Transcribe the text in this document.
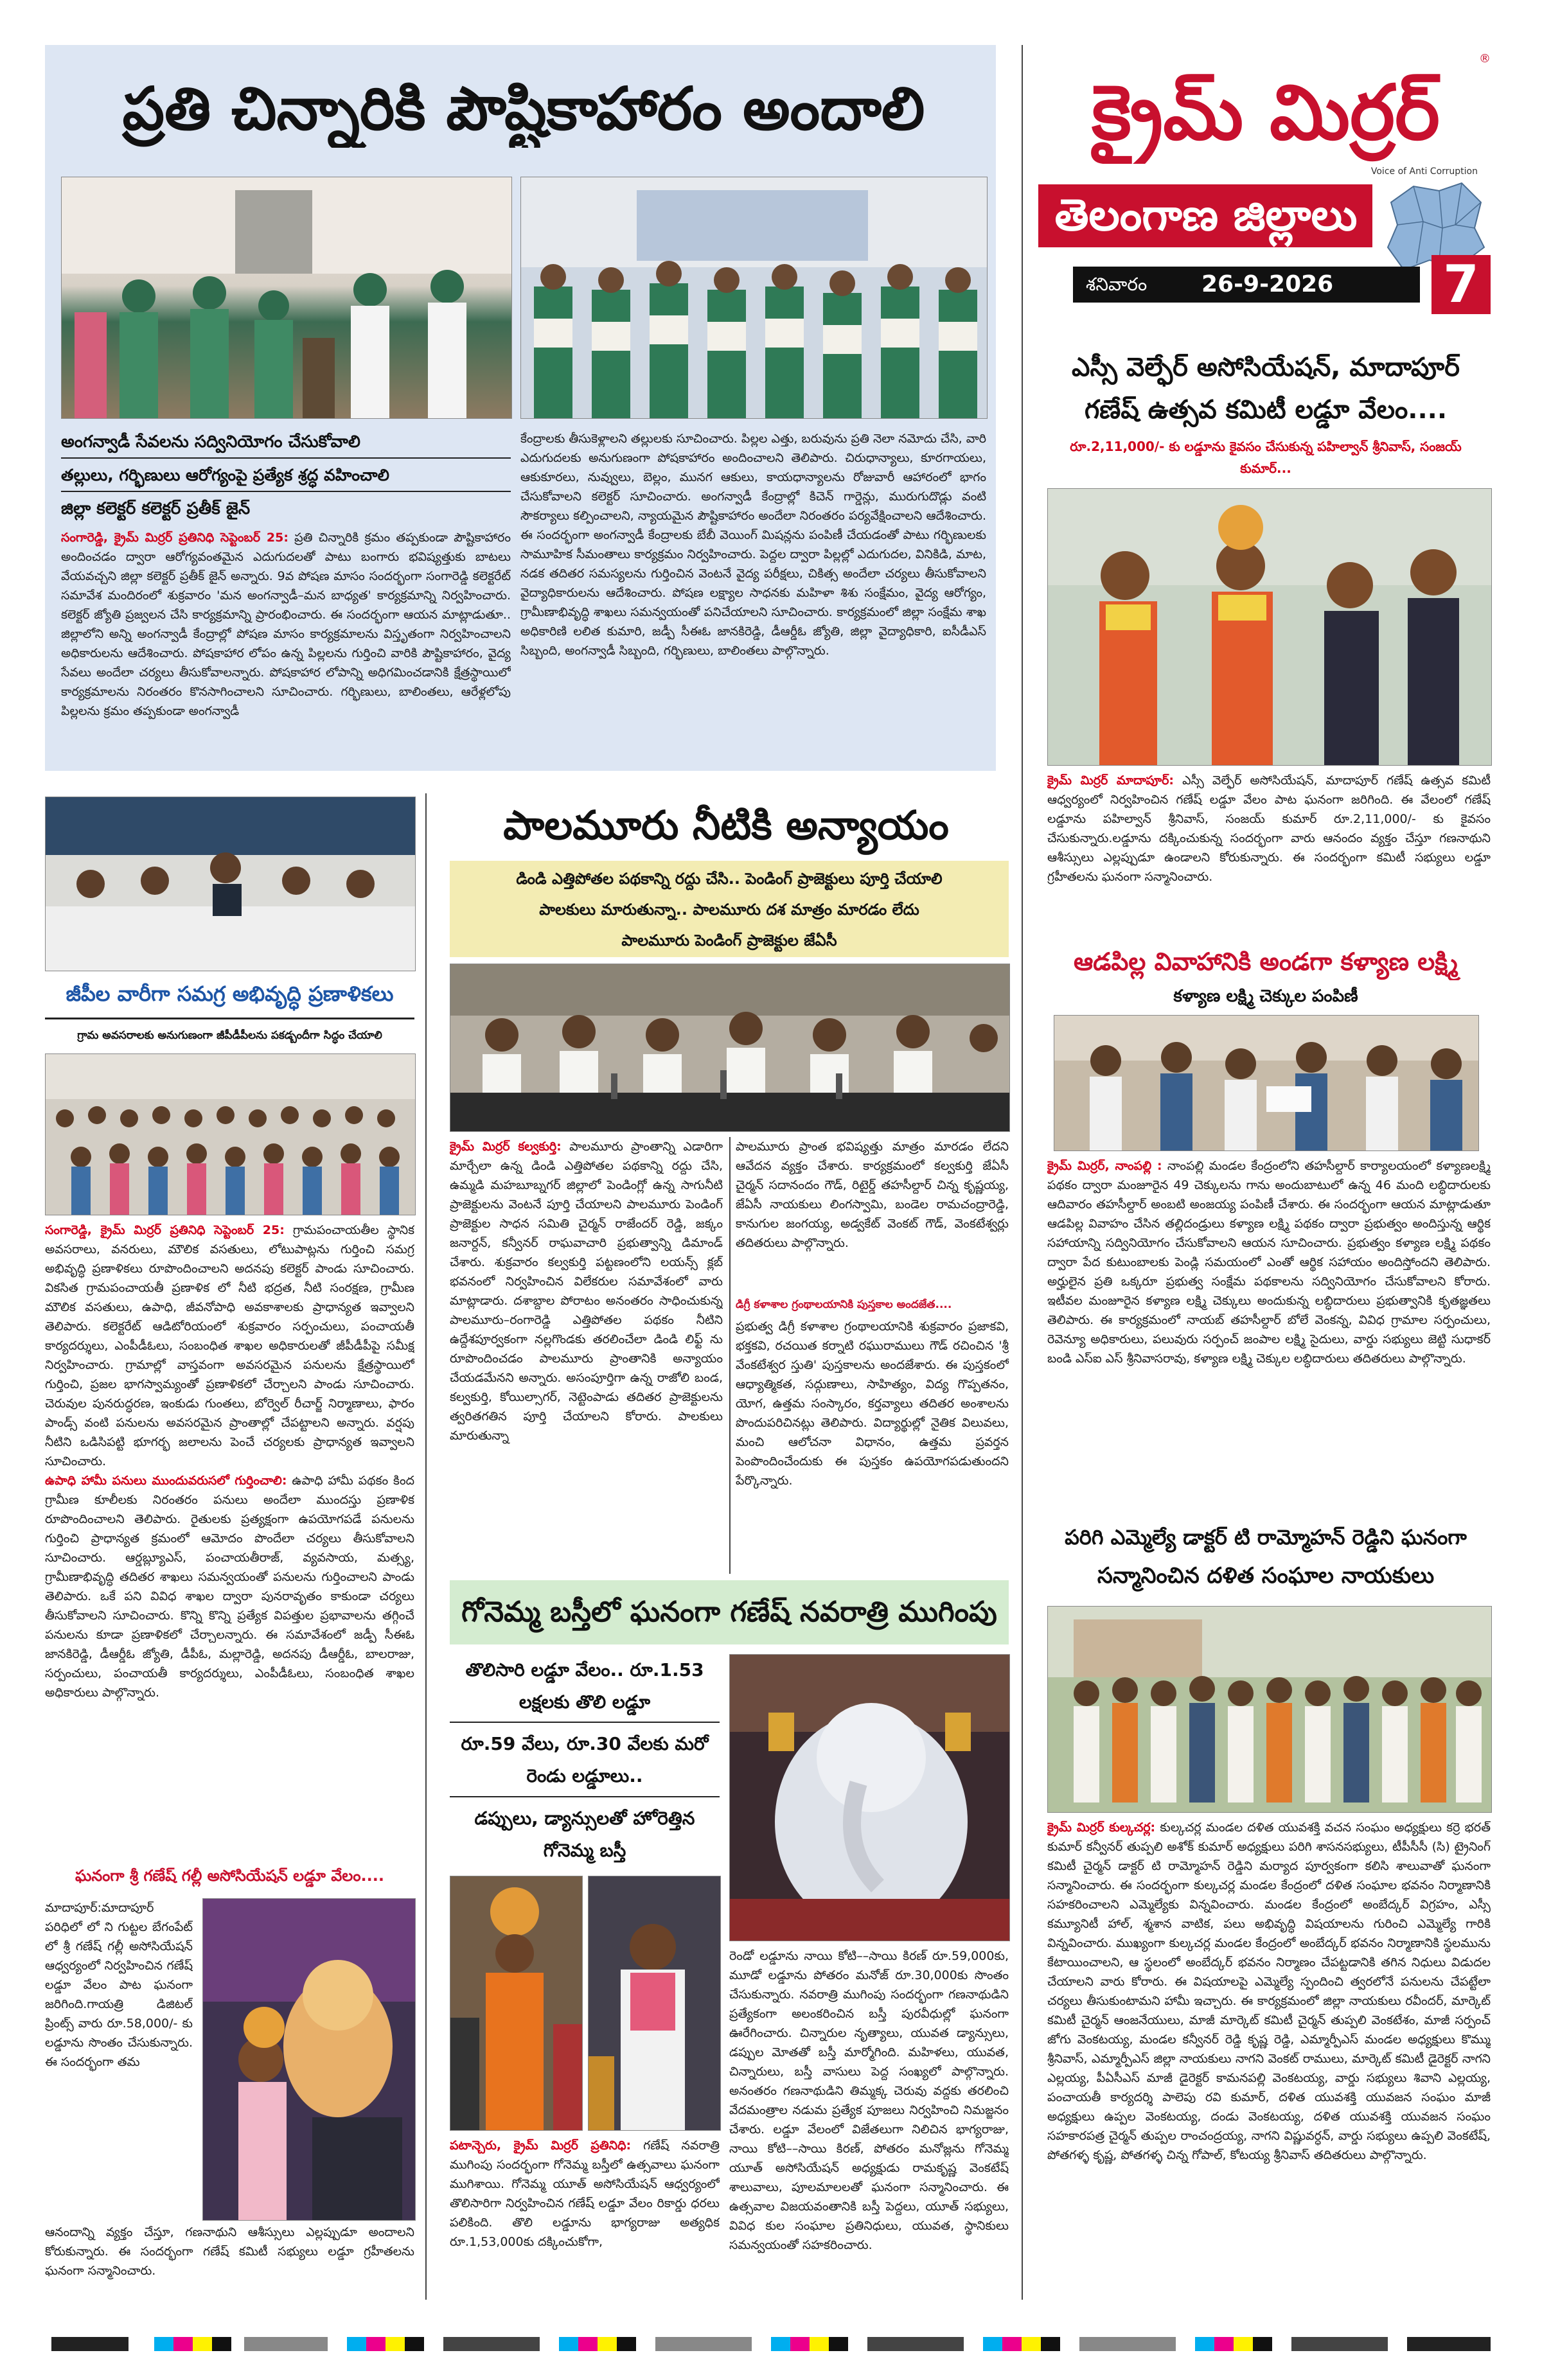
ప్రతి చిన్నారికి పౌష్టికాహారం అందాలి
అంగన్వాడీ సేవలను సద్వినియోగం చేసుకోవాలి
తల్లులు, గర్భిణులు ఆరోగ్యంపై ప్రత్యేక శ్రద్ధ వహించాలి
జిల్లా కలెక్టర్ కలెక్టర్ ప్రతీక్ జైన్
సంగారెడ్డి, క్రైమ్ మిర్రర్ ప్రతినిధి సెప్టెంబర్ 25: ప్రతి చిన్నారికి క్రమం తప్పకుండా పౌష్టికాహారం అందించడం ద్వారా ఆరోగ్యవంతమైన ఎదుగుదలతో పాటు బంగారు భవిష్యత్తుకు బాటలు వేయవచ్చని జిల్లా కలెక్టర్ ప్రతీక్ జైన్ అన్నారు. 9వ పోషణ మాసం సందర్భంగా సంగారెడ్డి కలెక్టరేట్ సమావేశ మందిరంలో శుక్రవారం 'మన అంగన్వాడీ–మన బాధ్యత' కార్యక్రమాన్ని నిర్వహించారు. కలెక్టర్ జ్యోతి ప్రజ్వలన చేసి కార్యక్రమాన్ని ప్రారంభించారు. ఈ సందర్భంగా ఆయన మాట్లాడుతూ.. జిల్లాలోని అన్ని అంగన్వాడీ కేంద్రాల్లో పోషణ మాసం కార్యక్రమాలను విస్తృతంగా నిర్వహించాలని అధికారులను ఆదేశించారు. పోషకాహార లోపం ఉన్న పిల్లలను గుర్తించి వారికి పౌష్టికాహారం, వైద్య సేవలు అందేలా చర్యలు తీసుకోవాలన్నారు. పోషకాహార లోపాన్ని అధిగమించడానికి క్షేత్రస్థాయిలో కార్యక్రమాలను నిరంతరం కొనసాగించాలని సూచించారు. గర్భిణులు, బాలింతలు, ఆరేళ్లలోపు పిల్లలను క్రమం తప్పకుండా అంగన్వాడీ
కేంద్రాలకు తీసుకెళ్లాలని తల్లులకు సూచించారు. పిల్లల ఎత్తు, బరువును ప్రతి నెలా నమోదు చేసి, వారి ఎదుగుదలకు అనుగుణంగా పోషకాహారం అందించాలని తెలిపారు. చిరుధాన్యాలు, కూరగాయలు, ఆకుకూరలు, నువ్వులు, బెల్లం, మునగ ఆకులు, కాయధాన్యాలను రోజువారీ ఆహారంలో భాగం చేసుకోవాలని కలెక్టర్ సూచించారు. అంగన్వాడీ కేంద్రాల్లో కిచెన్ గార్డెన్లు, మురుగుదొడ్లు వంటి సౌకర్యాలు కల్పించాలని, న్యాయమైన పౌష్టికాహారం అందేలా నిరంతరం పర్యవేక్షించాలని ఆదేశించారు. ఈ సందర్భంగా అంగన్వాడీ కేంద్రాలకు బేబీ వెయింగ్ మిషన్లను పంపిణీ చేయడంతో పాటు గర్భిణులకు సామూహిక సీమంతాలు కార్యక్రమం నిర్వహించారు. పెద్దల ద్వారా పిల్లల్లో ఎదుగుదల, వినికిడి, మాట, నడక తదితర సమస్యలను గుర్తించిన వెంటనే వైద్య పరీక్షలు, చికిత్స అందేలా చర్యలు తీసుకోవాలని వైద్యాధికారులను ఆదేశించారు. పోషణ లక్ష్యాల సాధనకు మహిళా శిశు సంక్షేమం, వైద్య ఆరోగ్యం, గ్రామీణాభివృద్ధి శాఖలు సమన్వయంతో పనిచేయాలని సూచించారు. కార్యక్రమంలో జిల్లా సంక్షేమ శాఖ అధికారిణి లలిత కుమారి, జడ్పీ సీఈఓ జానకిరెడ్డి, డీఆర్డీఓ జ్యోతి, జిల్లా వైద్యాధికారి, ఐసీడీఎస్ సిబ్బంది, అంగన్వాడీ సిబ్బంది, గర్భిణులు, బాలింతలు పాల్గొన్నారు.
క్రైమ్ మిర్రర్
®
Voice of Anti Corruption
తెలంగాణ జిల్లాలు
శనివారం	26-9-2026	7
ఎస్సీ వెల్ఫేర్ అసోసియేషన్, మాదాపూర్
గణేష్ ఉత్సవ కమిటీ లడ్డూ వేలం....
రూ.2,11,000/- కు లడ్డూను కైవసం చేసుకున్న పహిల్వాన్ శ్రీనివాస్, సంజయ్ కుమార్...
క్రైమ్ మిర్రర్ మాదాపూర్: ఎస్సీ వెల్ఫేర్ అసోసియేషన్, మాదాపూర్ గణేష్ ఉత్సవ కమిటీ ఆధ్వర్యంలో నిర్వహించిన గణేష్ లడ్డూ వేలం పాట ఘనంగా జరిగింది. ఈ వేలంలో గణేష్ లడ్డూను పహిల్వాన్ శ్రీనివాస్, సంజయ్ కుమార్ రూ.2,11,000/- కు కైవసం చేసుకున్నారు.లడ్డూను దక్కించుకున్న సందర్భంగా వారు ఆనందం వ్యక్తం చేస్తూ గణనాథుని ఆశీస్సులు ఎల్లప్పుడూ ఉండాలని కోరుకున్నారు. ఈ సందర్భంగా కమిటీ సభ్యులు లడ్డూ గ్రహీతలను ఘనంగా సన్మానించారు.
ఆడపిల్ల వివాహానికి అండగా కళ్యాణ లక్ష్మి
కళ్యాణ లక్ష్మి చెక్కుల పంపిణీ
క్రైమ్ మిర్రర్, నాంపల్లి : నాంపల్లి మండల కేంద్రంలోని తహసీల్దార్ కార్యాలయంలో కళ్యాణలక్ష్మి పథకం ద్వారా మంజూరైన 49 చెక్కులను గాను అందుబాటులో ఉన్న 46 మంది లబ్ధిదారులకు ఆదివారం తహసీల్దార్ అంబటి అంజయ్య పంపిణీ చేశారు. ఈ సందర్భంగా ఆయన మాట్లాడుతూ ఆడపిల్ల వివాహం చేసిన తల్లిదండ్రులు కళ్యాణ లక్ష్మి పథకం ద్వారా ప్రభుత్వం అందిస్తున్న ఆర్థిక సహాయాన్ని సద్వినియోగం చేసుకోవాలని ఆయన సూచించారు. ప్రభుత్వం కళ్యాణ లక్ష్మి పథకం ద్వారా పేద కుటుంబాలకు పెండ్లి సమయంలో ఎంతో ఆర్థిక సహాయం అందిస్తోందని తెలిపారు. అర్హులైన ప్రతి ఒక్కరూ ప్రభుత్వ సంక్షేమ పథకాలను సద్వినియోగం చేసుకోవాలని కోరారు. ఇటీవల మంజూరైన కళ్యాణ లక్ష్మి చెక్కులు అందుకున్న లబ్ధిదారులు ప్రభుత్వానికి కృతజ్ఞతలు తెలిపారు. ఈ కార్యక్రమంలో నాయబ్ తహసీల్దార్ బోలే వెంకన్న, వివిధ గ్రామాల సర్పంచులు, రెవెన్యూ అధికారులు, పలువురు సర్పంచ్ జంపాల లక్ష్మి సైదులు, వార్డు సభ్యులు జెట్టి సుధాకర్ బండి ఎస్ఐ ఎస్ శ్రీనివాసరావు, కళ్యాణ లక్ష్మి చెక్కుల లబ్ధిదారులు తదితరులు పాల్గొన్నారు.
పరిగి ఎమ్మెల్యే డాక్టర్ టి రామ్మోహన్ రెడ్డిని ఘనంగా
సన్మానించిన దళిత సంఘాల నాయకులు
క్రైమ్ మిర్రర్ కుల్కచర్ల: కుల్కచర్ల మండల దళిత యువశక్తి వచన సంఘం అధ్యక్షులు కర్రె భరత్ కుమార్ కన్వీనర్ తుప్పలి అశోక్ కుమార్ అధ్యక్షులు పరిగి శాసనసభ్యులు, టీపీసీసీ (సి) ట్రైనింగ్ కమిటీ చైర్మన్ డాక్టర్ టి రామ్మోహన్ రెడ్డిని మర్యాద పూర్వకంగా కలిసి శాలువాతో ఘనంగా సన్మానించారు. ఈ సందర్భంగా కుల్కచర్ల మండల కేంద్రంలో దళిత సంఘాల భవనం నిర్మాణానికి సహకరించాలని ఎమ్మెల్యేకు విన్నవించారు. మండల కేంద్రంలో అంబేద్కర్ విగ్రహం, ఎస్సీ కమ్యూనిటీ హాల్, శ్మశాన వాటిక, పలు అభివృద్ధి విషయాలను గురించి ఎమ్మెల్యే గారికి విన్నవించారు. ముఖ్యంగా కుల్కచర్ల మండల కేంద్రంలో అంబేద్కర్ భవనం నిర్మాణానికి స్థలమును కేటాయించాలని, ఆ స్థలంలో అంబేద్కర్ భవనం నిర్మాణం చేపట్టడానికి తగిన నిధులు విడుదల చేయాలని వారు కోరారు. ఈ విషయాలపై ఎమ్మెల్యే స్పందించి త్వరలోనే పనులను చేపట్టేలా చర్యలు తీసుకుంటామని హామీ ఇచ్చారు. ఈ కార్యక్రమంలో జిల్లా నాయకులు రవీందర్, మార్కెట్ కమిటీ చైర్మన్ ఆంజనేయులు, మాజీ మార్కెట్ కమిటీ చైర్మన్ తుప్పలి వెంకటేశం, మాజీ సర్పంచ్ జోగు వెంకటయ్య, మండల కన్వీనర్ రెడ్డి కృష్ణ రెడ్డి, ఎమ్మార్పీఎస్ మండల అధ్యక్షులు కొమ్ము శ్రీనివాస్, ఎమ్మార్పీఎస్ జిల్లా నాయకులు నాగని వెంకట్ రాములు, మార్కెట్ కమిటీ డైరెక్టర్ నాగని ఎల్లయ్య, పీఏసీఎస్ మాజీ డైరెక్టర్ కామనపల్లి వెంకటయ్య, వార్డు సభ్యులు శివాని ఎల్లయ్య, పంచాయతీ కార్యదర్శి పాలెపు రవి కుమార్, దళిత యువశక్తి యువజన సంఘం మాజీ అధ్యక్షులు ఉప్పల వెంకటయ్య, దండు వెంకటయ్య, దళిత యువశక్తి యువజన సంఘం సహకారపత్ర చైర్మన్ తుప్పల రాంచంద్రయ్య, నాగని విష్ణువర్ధన్, వార్డు సభ్యులు ఉప్పలి వెంకటేష్, పోతగళ్ళ కృష్ణ, పోతగళ్ళ చిన్న గోపాల్, కోటయ్య శ్రీనివాస్ తదితరులు పాల్గొన్నారు.
జీపీల వారీగా సమగ్ర అభివృద్ధి ప్రణాళికలు
గ్రామ అవసరాలకు అనుగుణంగా జీపీడీపీలను పకడ్బందీగా సిద్ధం చేయాలి
సంగారెడ్డి, క్రైమ్ మిర్రర్ ప్రతినిధి సెప్టెంబర్ 25: గ్రామపంచాయతీల స్థానిక అవసరాలు, వనరులు, మౌలిక వసతులు, లోటుపాట్లను గుర్తించి సమగ్ర అభివృద్ధి ప్రణాళికలు రూపొందించాలని అదనపు కలెక్టర్ పాండు సూచించారు. వికసిత గ్రామపంచాయతీ ప్రణాళిక లో నీటి భద్రత, నీటి సంరక్షణ, గ్రామీణ మౌలిక వసతులు, ఉపాధి, జీవనోపాధి అవకాశాలకు ప్రాధాన్యత ఇవ్వాలని తెలిపారు. కలెక్టరేట్ ఆడిటోరియంలో శుక్రవారం సర్పంచులు, పంచాయతీ కార్యదర్శులు, ఎంపీడీఓలు, సంబంధిత శాఖల అధికారులతో జీపీడీపీపై సమీక్ష నిర్వహించారు. గ్రామాల్లో వాస్తవంగా అవసరమైన పనులను క్షేత్రస్థాయిలో గుర్తించి, ప్రజల భాగస్వామ్యంతో ప్రణాళికలో చేర్చాలని పాండు సూచించారు. చెరువుల పునరుద్ధరణ, ఇంకుడు గుంతలు, బోర్వెల్ రీచార్జ్ నిర్మాణాలు, ఫారం పాండ్స్ వంటి పనులను అవసరమైన ప్రాంతాల్లో చేపట్టాలని అన్నారు. వర్షపు నీటిని ఒడిసిపట్టి భూగర్భ జలాలను పెంచే చర్యలకు ప్రాధాన్యత ఇవ్వాలని సూచించారు.
ఉపాధి హామీ పనులు ముందువరుసలో గుర్తించాలి: ఉపాధి హామీ పథకం కింద గ్రామీణ కూలీలకు నిరంతరం పనులు అందేలా ముందస్తు ప్రణాళిక రూపొందించాలని తెలిపారు. రైతులకు ప్రత్యక్షంగా ఉపయోగపడే పనులను గుర్తించి ప్రాధాన్యత క్రమంలో ఆమోదం పొందేలా చర్యలు తీసుకోవాలని సూచించారు. ఆర్డబ్ల్యూఎస్, పంచాయతీరాజ్, వ్యవసాయ, మత్స్య, గ్రామీణాభివృద్ధి తదితర శాఖలు సమన్వయంతో పనులను గుర్తించాలని పాండు తెలిపారు. ఒకే పని వివిధ శాఖల ద్వారా పునరావృతం కాకుండా చర్యలు తీసుకోవాలని సూచించారు. కొన్ని కొన్ని ప్రత్యేక విపత్తుల ప్రభావాలను తగ్గించే పనులను కూడా ప్రణాళికలో చేర్చాలన్నారు. ఈ సమావేశంలో జడ్పీ సీఈఓ జానకిరెడ్డి, డీఆర్డీఓ జ్యోతి, డీపీఓ, మల్లారెడ్డి, అదనపు డీఆర్డీఓ, బాలరాజు, సర్పంచులు, పంచాయతీ కార్యదర్శులు, ఎంపీడీఓలు, సంబంధిత శాఖల అధికారులు పాల్గొన్నారు.
ఘనంగా శ్రీ గణేష్ గల్లీ అసోసియేషన్ లడ్డూ వేలం....
మాదాపూర్:మాదాపూర్ పరిధిలో లో ని గుట్టల బేగంపేట్ లో శ్రీ గణేష్ గల్లీ అసోసియేషన్ ఆధ్వర్యంలో నిర్వహించిన గణేష్ లడ్డూ వేలం పాట ఘనంగా జరిగింది.గాయత్రి డిజిటల్ ప్రింట్స్ వారు రూ.58,000/- కు లడ్డూను సొంతం చేసుకున్నారు. ఈ సందర్భంగా తమ
ఆనందాన్ని వ్యక్తం చేస్తూ, గణనాథుని ఆశీస్సులు ఎల్లప్పుడూ అందాలని కోరుకున్నారు. ఈ సందర్భంగా గణేష్ కమిటీ సభ్యులు లడ్డూ గ్రహీతలను ఘనంగా సన్మానించారు.
పాలమూరు నీటికి అన్యాయం
డిండి ఎత్తిపోతల పథకాన్ని రద్దు చేసి.. పెండింగ్ ప్రాజెక్టులు పూర్తి చేయాలి
పాలకులు మారుతున్నా.. పాలమూరు దశ మాత్రం మారడం లేదు
పాలమూరు పెండింగ్ ప్రాజెక్టుల జేఏసీ
క్రైమ్ మిర్రర్ కల్వకుర్తి: పాలమూరు ప్రాంతాన్ని ఎడారిగా మార్చేలా ఉన్న డిండి ఎత్తిపోతల పథకాన్ని రద్దు చేసి, ఉమ్మడి మహబూబ్నగర్ జిల్లాలో పెండింగ్లో ఉన్న సాగునీటి ప్రాజెక్టులను వెంటనే పూర్తి చేయాలని పాలమూరు పెండింగ్ ప్రాజెక్టుల సాధన సమితి చైర్మన్ రాజేందర్ రెడ్డి, జక్కం జనార్దన్, కన్వీనర్ రాఘవాచారి ప్రభుత్వాన్ని డిమాండ్ చేశారు. శుక్రవారం కల్వకుర్తి పట్టణంలోని లయన్స్ క్లబ్ భవనంలో నిర్వహించిన విలేకరుల సమావేశంలో వారు మాట్లాడారు. దశాబ్దాల పోరాటం అనంతరం సాధించుకున్న పాలమూరు–రంగారెడ్డి ఎత్తిపోతల పథకం నీటిని ఉద్దేశపూర్వకంగా నల్లగొండకు తరలించేలా డిండి లిఫ్ట్ ను రూపొందించడం పాలమూరు ప్రాంతానికి అన్యాయం చేయడమేనని అన్నారు. అసంపూర్తిగా ఉన్న రాజోలి బండ, కల్వకుర్తి, కోయిల్సాగర్, నెట్టెంపాడు తదితర ప్రాజెక్టులను త్వరితగతిన పూర్తి చేయాలని కోరారు. పాలకులు మారుతున్నా
పాలమూరు ప్రాంత భవిష్యత్తు మాత్రం మారడం లేదని ఆవేదన వ్యక్తం చేశారు. కార్యక్రమంలో కల్వకుర్తి జేఏసీ చైర్మన్ సదానందం గౌడ్, రిటైర్డ్ తహసీల్దార్ చిన్న కృష్ణయ్య, జేఏసీ నాయకులు లింగస్వామి, బండెల రామచంద్రారెడ్డి, కానుగుల జంగయ్య, అడ్వకేట్ వెంకట్ గౌడ్, వెంకటేశ్వర్లు తదితరులు పాల్గొన్నారు.
డిగ్రీ కళాశాల గ్రంథాలయానికి పుస్తకాల అందజేత....
ప్రభుత్వ డిగ్రీ కళాశాల గ్రంథాలయానికి శుక్రవారం ప్రజాకవి, భక్తకవి, రచయిత కర్నాటి రఘురాములు గౌడ్ రచించిన 'శ్రీ వేంకటేశ్వర స్తుతి' పుస్తకాలను అందజేశారు. ఈ పుస్తకంలో ఆధ్యాత్మికత, సద్గుణాలు, సాహిత్యం, విద్య గొప్పతనం, యోగ, ఉత్తమ సంస్కారం, కర్తవ్యాలు తదితర అంశాలను పొందుపరిచినట్లు తెలిపారు. విద్యార్థుల్లో నైతిక విలువలు, మంచి ఆలోచనా విధానం, ఉత్తమ ప్రవర్తన పెంపొందించేందుకు ఈ పుస్తకం ఉపయోగపడుతుందని పేర్కొన్నారు.
గోనెమ్మ బస్తీలో ఘనంగా గణేష్ నవరాత్రి ముగింపు
తొలిసారి లడ్డూ వేలం.. రూ.1.53 లక్షలకు తొలి లడ్డూ
రూ.59 వేలు, రూ.30 వేలకు మరో రెండు లడ్డూలు..
డప్పులు, డ్యాన్సులతో హోరెత్తిన గోనెమ్మ బస్తీ
రెండో లడ్డూను నాయి కోటి––సాయి కిరణ్ రూ.59,000కు, మూడో లడ్డూను పోతరం మనోజ్ రూ.30,000కు సొంతం చేసుకున్నారు. నవరాత్రి ముగింపు సందర్భంగా గణనాథుడిని ప్రత్యేకంగా అలంకరించిన బస్తీ పురవీధుల్లో ఘనంగా ఊరేగించారు. చిన్నారుల నృత్యాలు, యువత డ్యాన్సులు, డప్పుల మోతతో బస్తీ మార్మోగింది. మహిళలు, యువత, చిన్నారులు, బస్తీ వాసులు పెద్ద సంఖ్యలో పాల్గొన్నారు. అనంతరం గణనాథుడిని తిమ్మక్క చెరువు వద్దకు తరలించి వేదమంత్రాల నడుమ ప్రత్యేక పూజలు నిర్వహించి నిమజ్జనం చేశారు. లడ్డూ వేలంలో విజేతలుగా నిలిచిన భాగ్యరాజు, నాయి కోటి––సాయి కిరణ్, పోతరం మనోజ్లను గోనెమ్మ యూత్ అసోసియేషన్ అధ్యక్షుడు రామకృష్ణ వెంకటేష్ శాలువాలు, పూలమాలలతో ఘనంగా సన్మానించారు. ఈ ఉత్సవాల విజయవంతానికి బస్తీ పెద్దలు, యూత్ సభ్యులు, వివిధ కుల సంఘాల ప్రతినిధులు, యువత, స్థానికులు సమన్వయంతో సహకరించారు.
పటాన్చెరు, క్రైమ్ మిర్రర్ ప్రతినిధి: గణేష్ నవరాత్రి ముగింపు సందర్భంగా గోనెమ్మ బస్తీలో ఉత్సవాలు ఘనంగా ముగిశాయి. గోనెమ్మ యూత్ అసోసియేషన్ ఆధ్వర్యంలో తొలిసారిగా నిర్వహించిన గణేష్ లడ్డూ వేలం రికార్డు ధరలు పలికింది. తొలి లడ్డూను భాగ్యరాజు అత్యధిక రూ.1,53,000కు దక్కించుకోగా,
